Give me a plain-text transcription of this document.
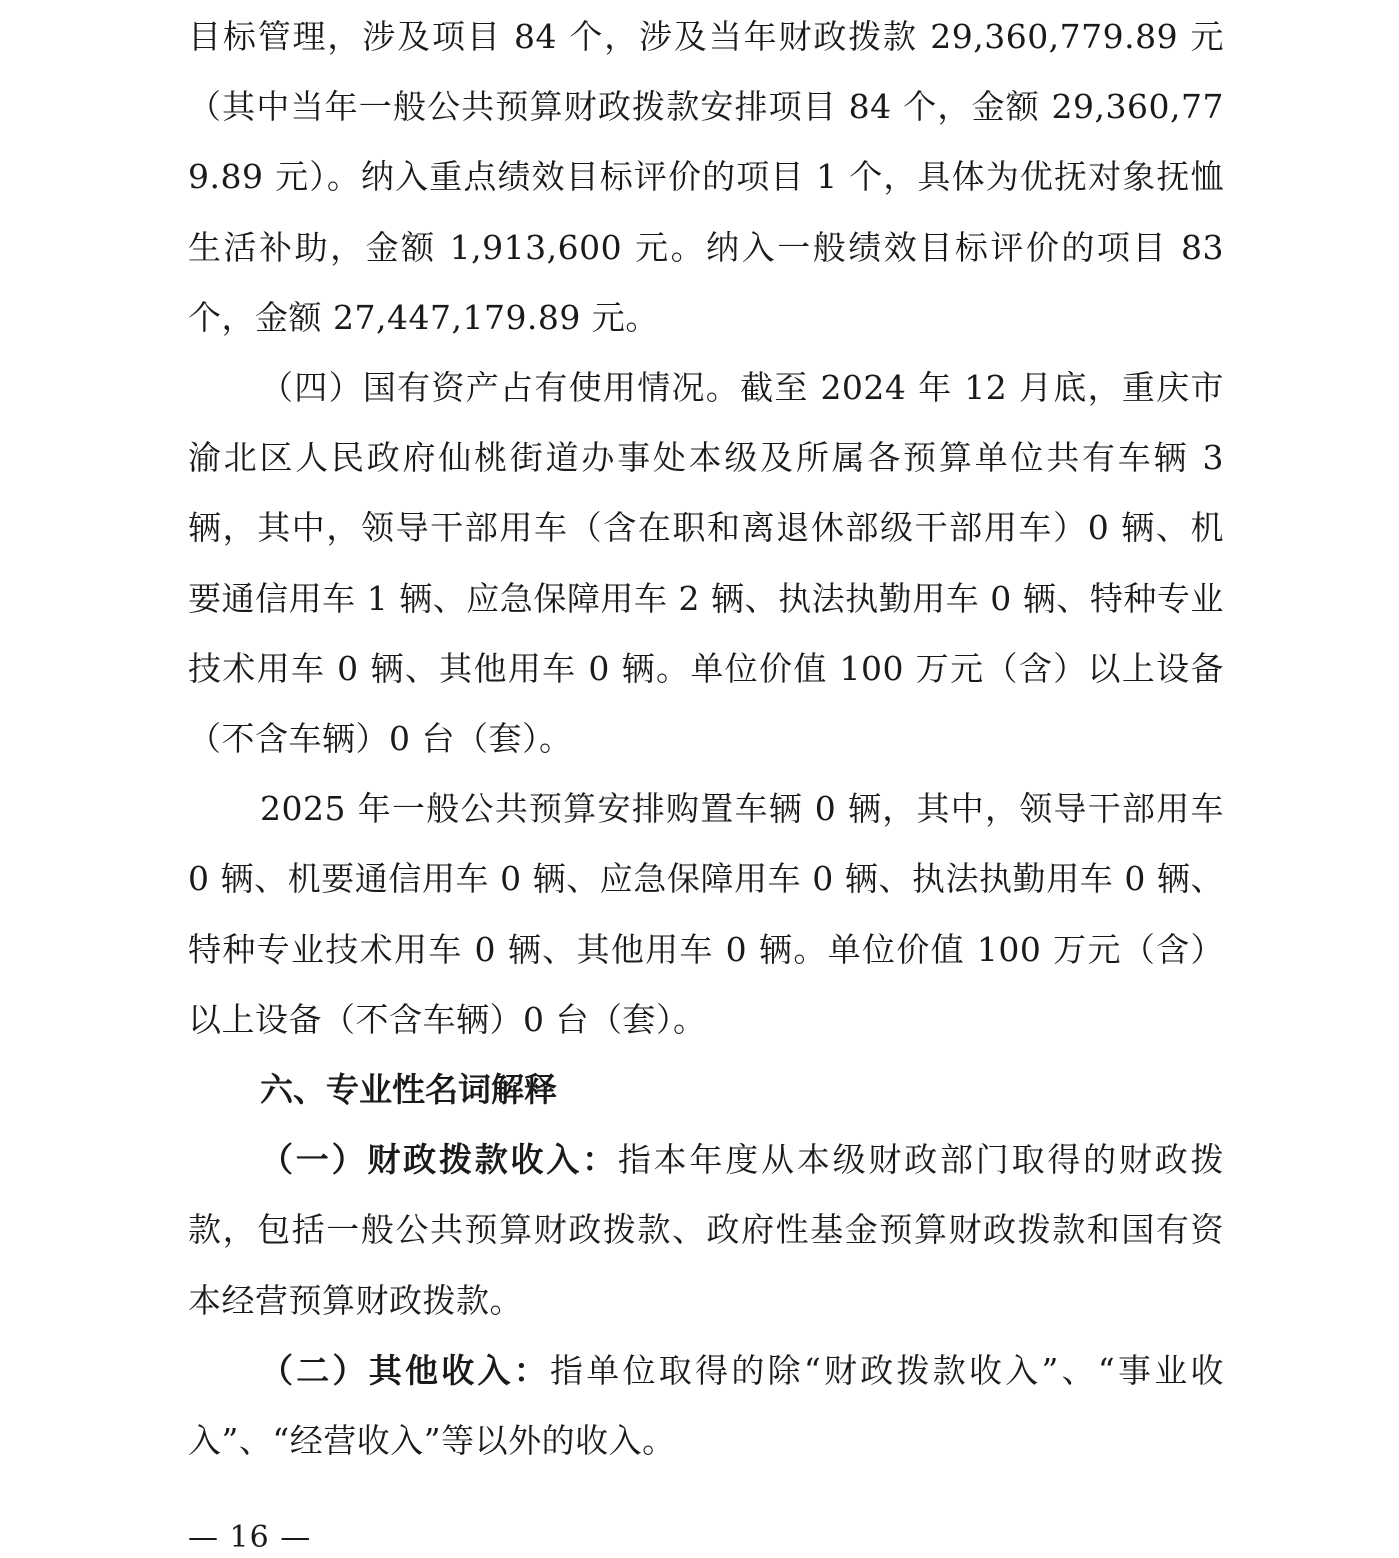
目标管理，涉及项目 84 个，涉及当年财政拨款 29,360,779.89 元（其中当年一般公共预算财政拨款安排项目 84 个，金额 29,360,779.89 元）。纳入重点绩效目标评价的项目 1 个，具体为优抚对象抚恤生活补助，金额 1,913,600 元。纳入一般绩效目标评价的项目 83 个，金额 27,447,179.89 元。

（四）国有资产占有使用情况。截至 2024 年 12 月底，重庆市渝北区人民政府仙桃街道办事处本级及所属各预算单位共有车辆 3 辆，其中，领导干部用车（含在职和离退休部级干部用车）0 辆、机要通信用车 1 辆、应急保障用车 2 辆、执法执勤用车 0 辆、特种专业技术用车 0 辆、其他用车 0 辆。单位价值 100 万元（含）以上设备（不含车辆）0 台（套）。

2025 年一般公共预算安排购置车辆 0 辆，其中，领导干部用车 0 辆、机要通信用车 0 辆、应急保障用车 0 辆、执法执勤用车 0 辆、特种专业技术用车 0 辆、其他用车 0 辆。单位价值 100 万元（含）以上设备（不含车辆）0 台（套）。

六、专业性名词解释

（一）财政拨款收入：指本年度从本级财政部门取得的财政拨款，包括一般公共预算财政拨款、政府性基金预算财政拨款和国有资本经营预算财政拨款。

（二）其他收入：指单位取得的除“财政拨款收入”、“事业收入”、“经营收入”等以外的收入。

— 16 —
